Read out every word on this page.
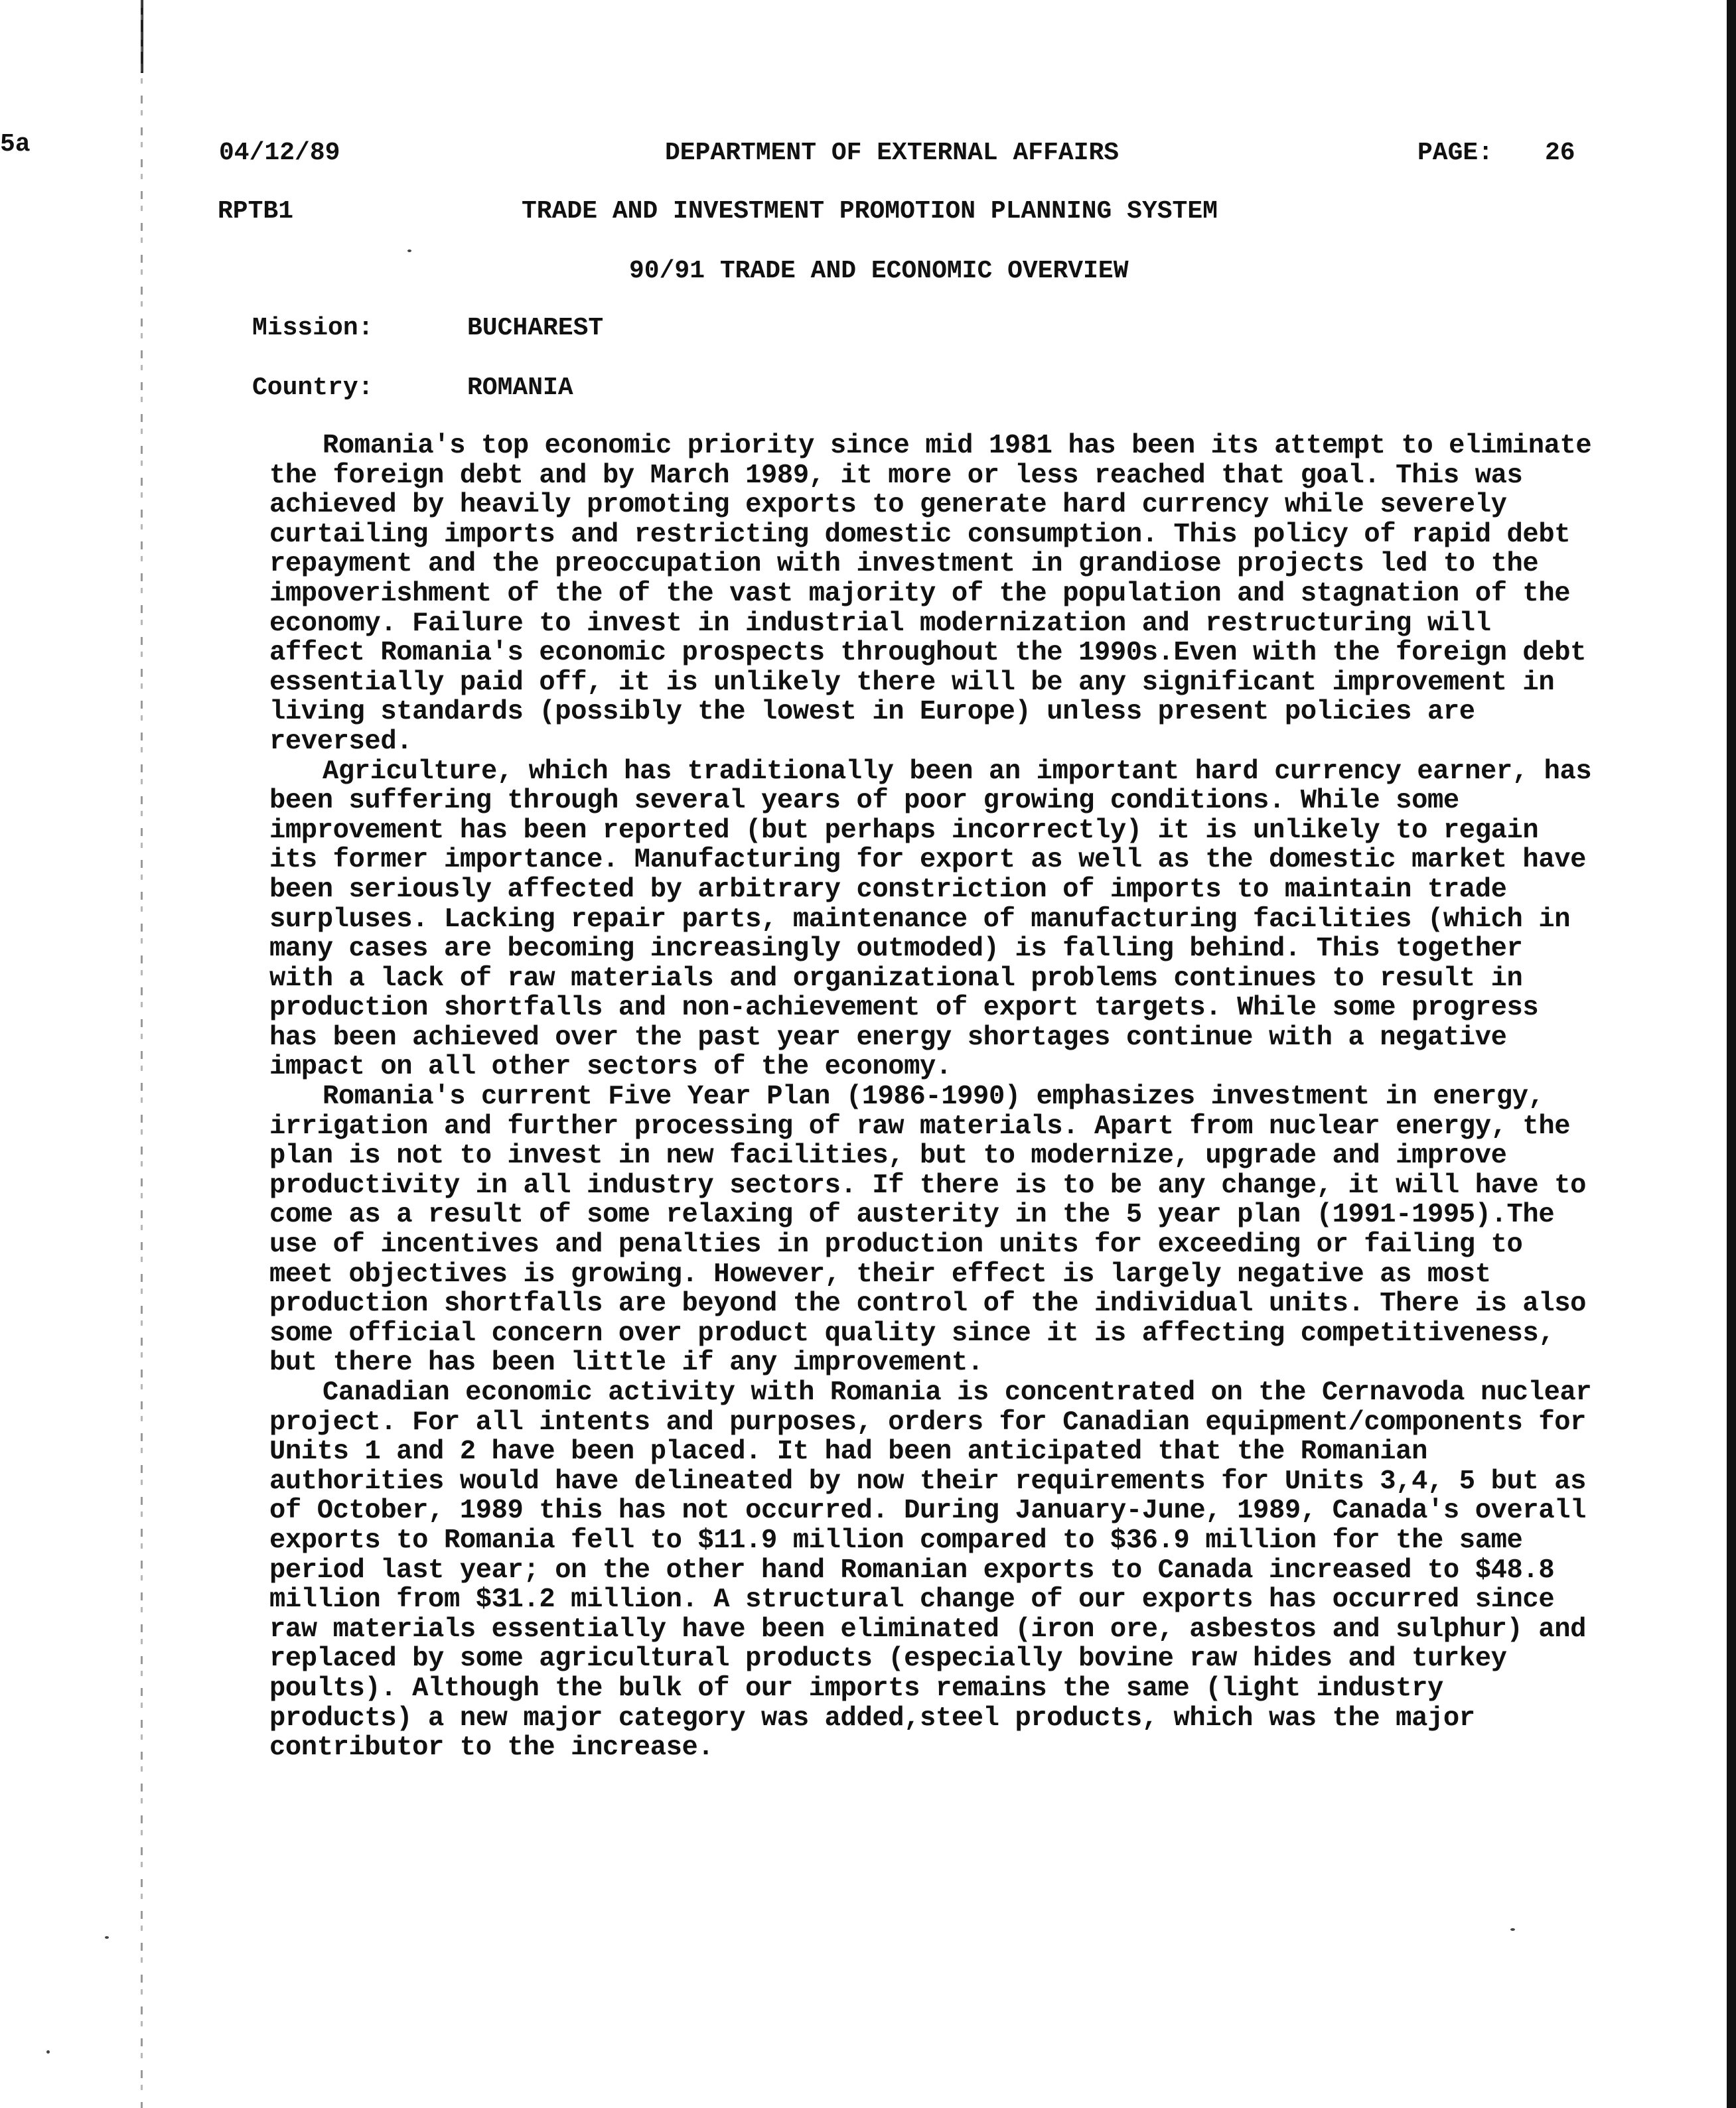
5a	04/12/89	DEPARTMENT OF EXTERNAL AFFAIRS	PAGE: 26
RPTB1	TRADE AND INVESTMENT PROMOTION PLANNING SYSTEM
90/91 TRADE AND ECONOMIC OVERVIEW
Mission:	BUCHAREST
Country:	ROMANIA

Romania's top economic priority since mid 1981 has been its attempt to eliminate the foreign debt and by March 1989, it more or less reached that goal. This was achieved by heavily promoting exports to generate hard currency while severely curtailing imports and restricting domestic consumption. This policy of rapid debt repayment and the preoccupation with investment in grandiose projects led to the impoverishment of the of the vast majority of the population and stagnation of the economy. Failure to invest in industrial modernization and restructuring will affect Romania's economic prospects throughout the 1990s.Even with the foreign debt essentially paid off, it is unlikely there will be any significant improvement in living standards (possibly the lowest in Europe) unless present policies are reversed.

Agriculture, which has traditionally been an important hard currency earner, has been suffering through several years of poor growing conditions. While some improvement has been reported (but perhaps incorrectly) it is unlikely to regain its former importance. Manufacturing for export as well as the domestic market have been seriously affected by arbitrary constriction of imports to maintain trade surpluses. Lacking repair parts, maintenance of manufacturing facilities (which in many cases are becoming increasingly outmoded) is falling behind. This together with a lack of raw materials and organizational problems continues to result in production shortfalls and non-achievement of export targets. While some progress has been achieved over the past year energy shortages continue with a negative impact on all other sectors of the economy.

Romania's current Five Year Plan (1986-1990) emphasizes investment in energy, irrigation and further processing of raw materials. Apart from nuclear energy, the plan is not to invest in new facilities, but to modernize, upgrade and improve productivity in all industry sectors. If there is to be any change, it will have to come as a result of some relaxing of austerity in the 5 year plan (1991-1995).The use of incentives and penalties in production units for exceeding or failing to meet objectives is growing. However, their effect is largely negative as most production shortfalls are beyond the control of the individual units. There is also some official concern over product quality since it is affecting competitiveness, but there has been little if any improvement.

Canadian economic activity with Romania is concentrated on the Cernavoda nuclear project. For all intents and purposes, orders for Canadian equipment/components for Units 1 and 2 have been placed. It had been anticipated that the Romanian authorities would have delineated by now their requirements for Units 3,4, 5 but as of October, 1989 this has not occurred. During January-June, 1989, Canada's overall exports to Romania fell to $11.9 million compared to $36.9 million for the same period last year; on the other hand Romanian exports to Canada increased to $48.8 million from $31.2 million. A structural change of our exports has occurred since raw materials essentially have been eliminated (iron ore, asbestos and sulphur) and replaced by some agricultural products (especially bovine raw hides and turkey poults). Although the bulk of our imports remains the same (light industry products) a new major category was added,steel products, which was the major contributor to the increase.
